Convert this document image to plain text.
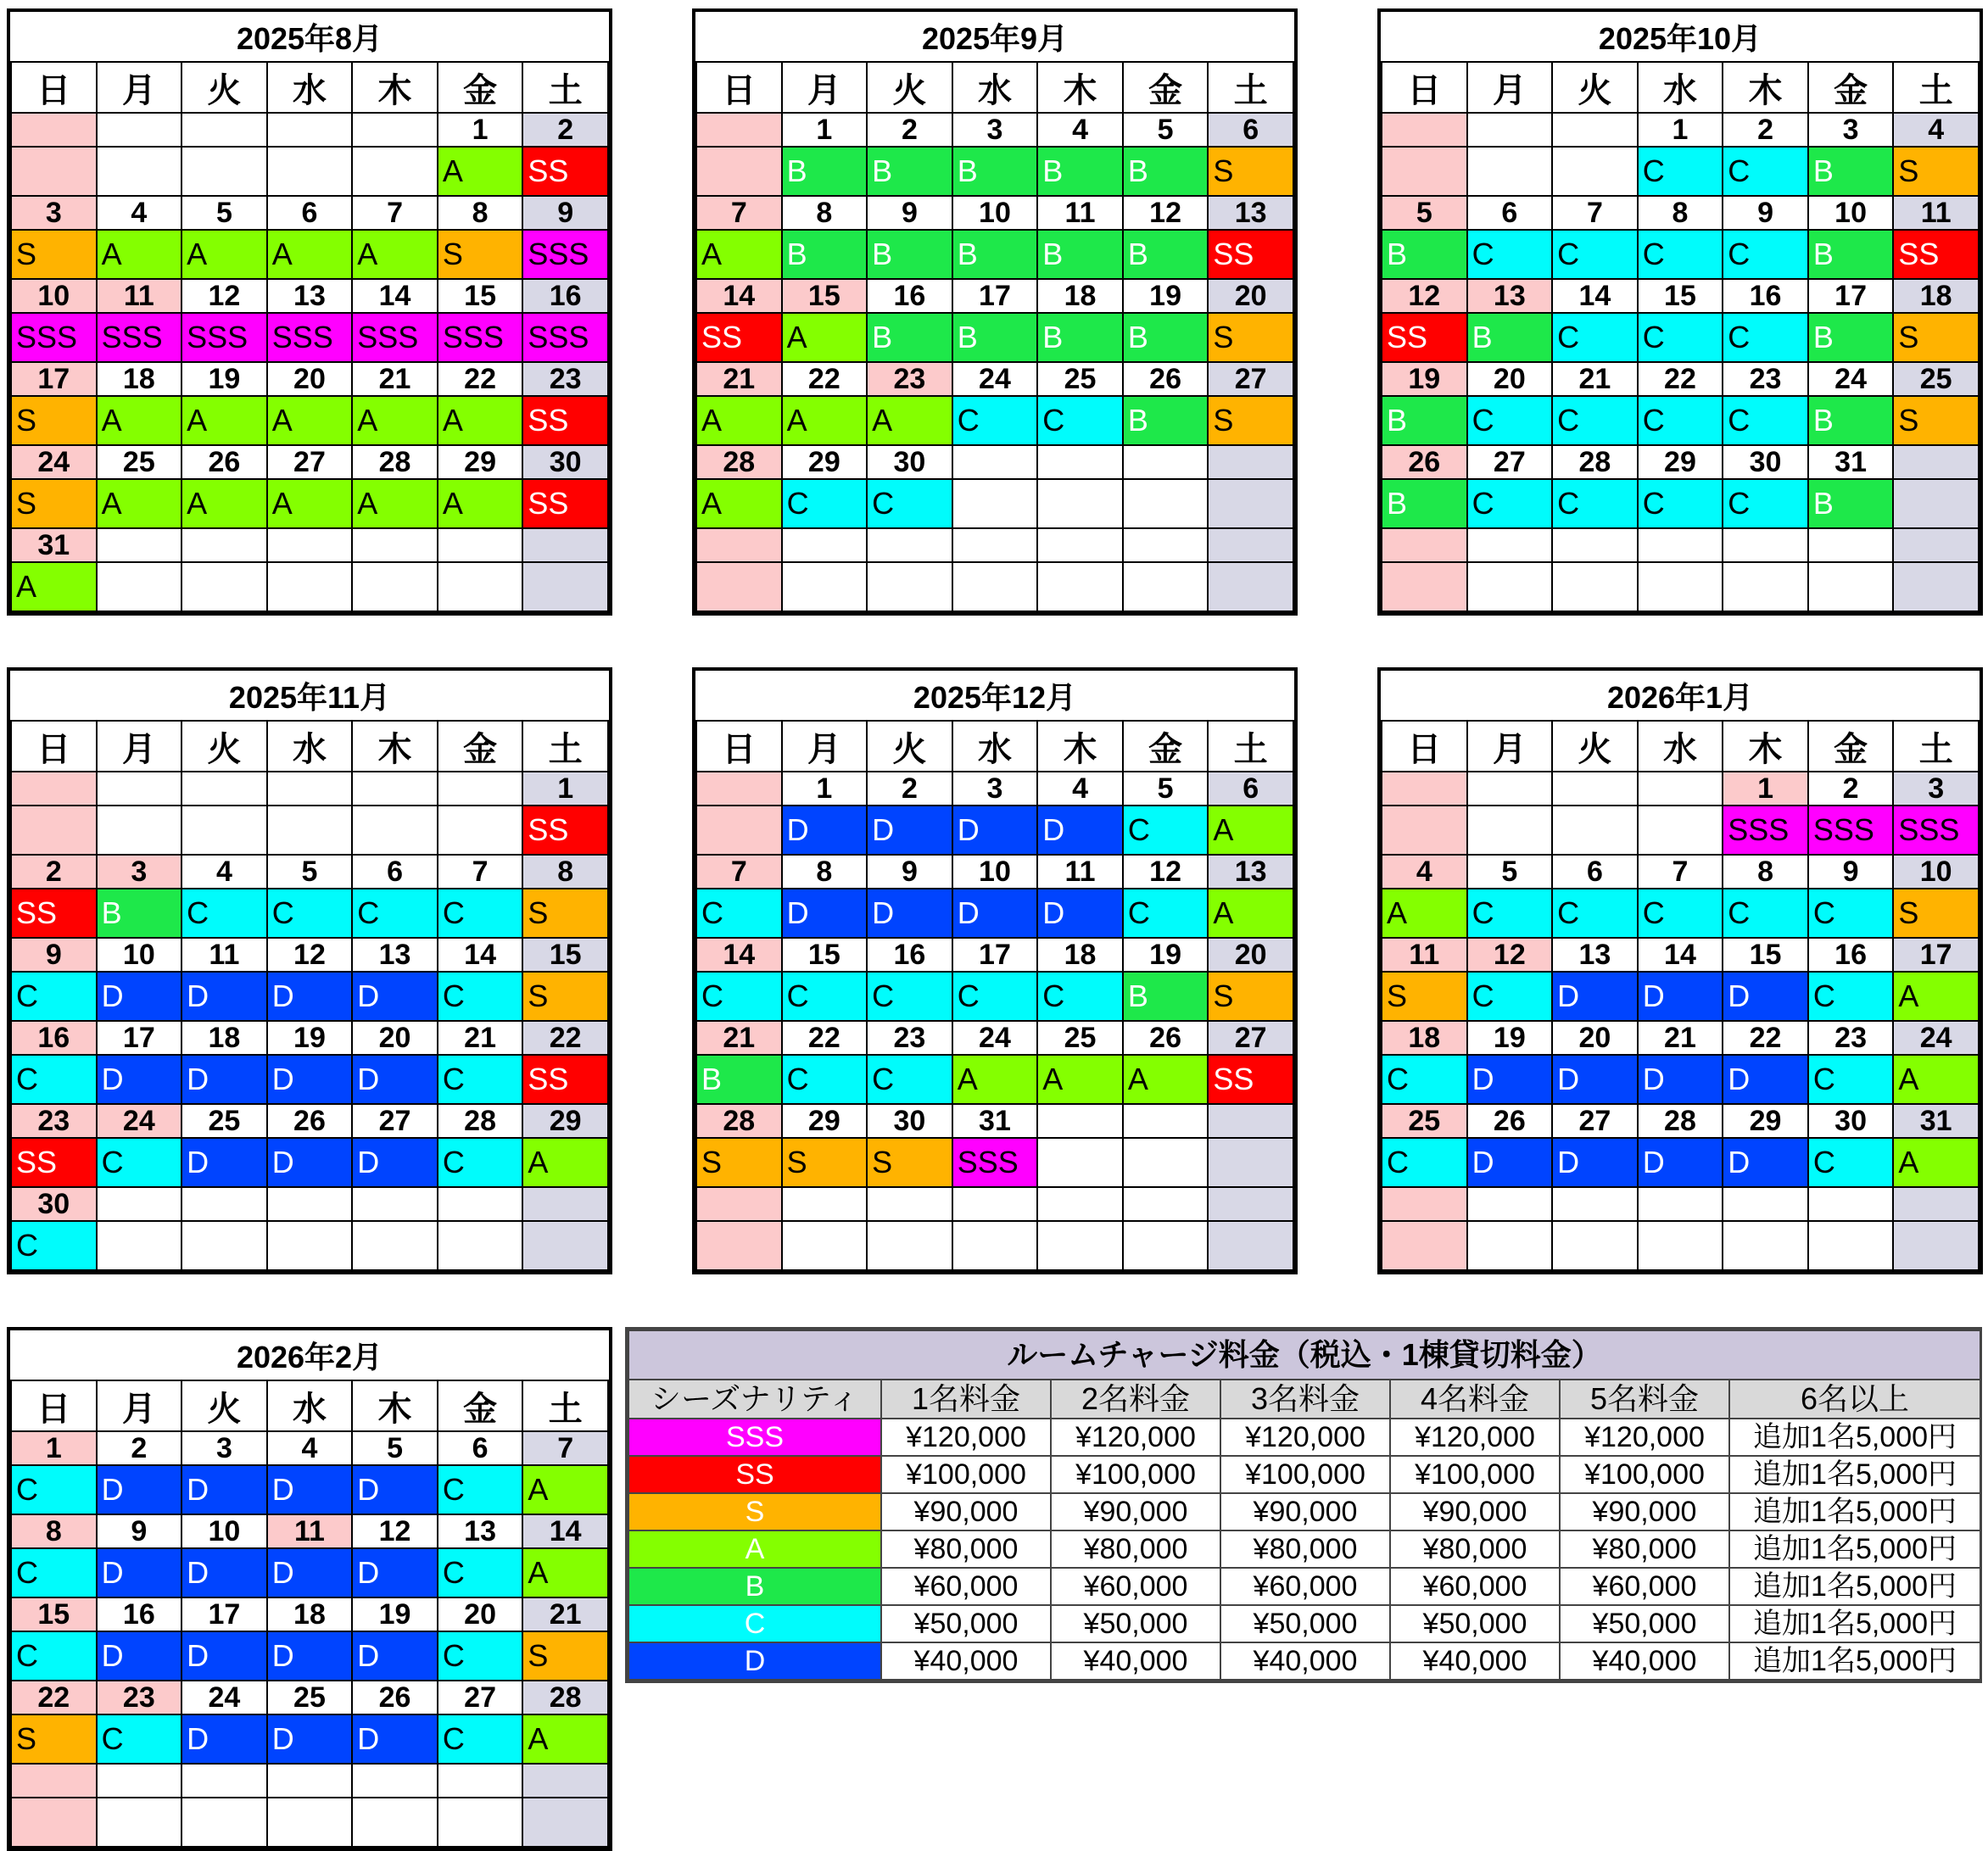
2025年8月						
日	月	火	水	木	金	土
					1	2
					A	SS
3	4	5	6	7	8	9
S	A	A	A	A	S	SSS
10	11	12	13	14	15	16
SSS	SSS	SSS	SSS	SSS	SSS	SSS
17	18	19	20	21	22	23
S	A	A	A	A	A	SS
24	25	26	27	28	29	30
S	A	A	A	A	A	SS
31						
A						
2025年9月						
日	月	火	水	木	金	土
	1	2	3	4	5	6
	B	B	B	B	B	S
7	8	9	10	11	12	13
A	B	B	B	B	B	SS
14	15	16	17	18	19	20
SS	A	B	B	B	B	S
21	22	23	24	25	26	27
A	A	A	C	C	B	S
28	29	30				
A	C	C				

2025年10月						
日	月	火	水	木	金	土
			1	2	3	4
			C	C	B	S
5	6	7	8	9	10	11
B	C	C	C	C	B	SS
12	13	14	15	16	17	18
SS	B	C	C	C	B	S
19	20	21	22	23	24	25
B	C	C	C	C	B	S
26	27	28	29	30	31	
B	C	C	C	C	B	

2025年11月						
日	月	火	水	木	金	土
						1
						SS
2	3	4	5	6	7	8
SS	B	C	C	C	C	S
9	10	11	12	13	14	15
C	D	D	D	D	C	S
16	17	18	19	20	21	22
C	D	D	D	D	C	SS
23	24	25	26	27	28	29
SS	C	D	D	D	C	A
30						
C						
2025年12月						
日	月	火	水	木	金	土
	1	2	3	4	5	6
	D	D	D	D	C	A
7	8	9	10	11	12	13
C	D	D	D	D	C	A
14	15	16	17	18	19	20
C	C	C	C	C	B	S
21	22	23	24	25	26	27
B	C	C	A	A	A	SS
28	29	30	31			
S	S	S	SSS			

2026年1月						
日	月	火	水	木	金	土
				1	2	3
				SSS	SSS	SSS
4	5	6	7	8	9	10
A	C	C	C	C	C	S
11	12	13	14	15	16	17
S	C	D	D	D	C	A
18	19	20	21	22	23	24
C	D	D	D	D	C	A
25	26	27	28	29	30	31
C	D	D	D	D	C	A

2026年2月						
日	月	火	水	木	金	土
1	2	3	4	5	6	7
C	D	D	D	D	C	A
8	9	10	11	12	13	14
C	D	D	D	D	C	A
15	16	17	18	19	20	21
C	D	D	D	D	C	S
22	23	24	25	26	27	28
S	C	D	D	D	C	A

ルームチャージ料金（税込・1棟貸切料金）						
シーズナリティ	1名料金	2名料金	3名料金	4名料金	5名料金	6名以上
SSS	¥120,000	¥120,000	¥120,000	¥120,000	¥120,000	追加1名5,000円
SS	¥100,000	¥100,000	¥100,000	¥100,000	¥100,000	追加1名5,000円
S	¥90,000	¥90,000	¥90,000	¥90,000	¥90,000	追加1名5,000円
A	¥80,000	¥80,000	¥80,000	¥80,000	¥80,000	追加1名5,000円
B	¥60,000	¥60,000	¥60,000	¥60,000	¥60,000	追加1名5,000円
C	¥50,000	¥50,000	¥50,000	¥50,000	¥50,000	追加1名5,000円
D	¥40,000	¥40,000	¥40,000	¥40,000	¥40,000	追加1名5,000円
